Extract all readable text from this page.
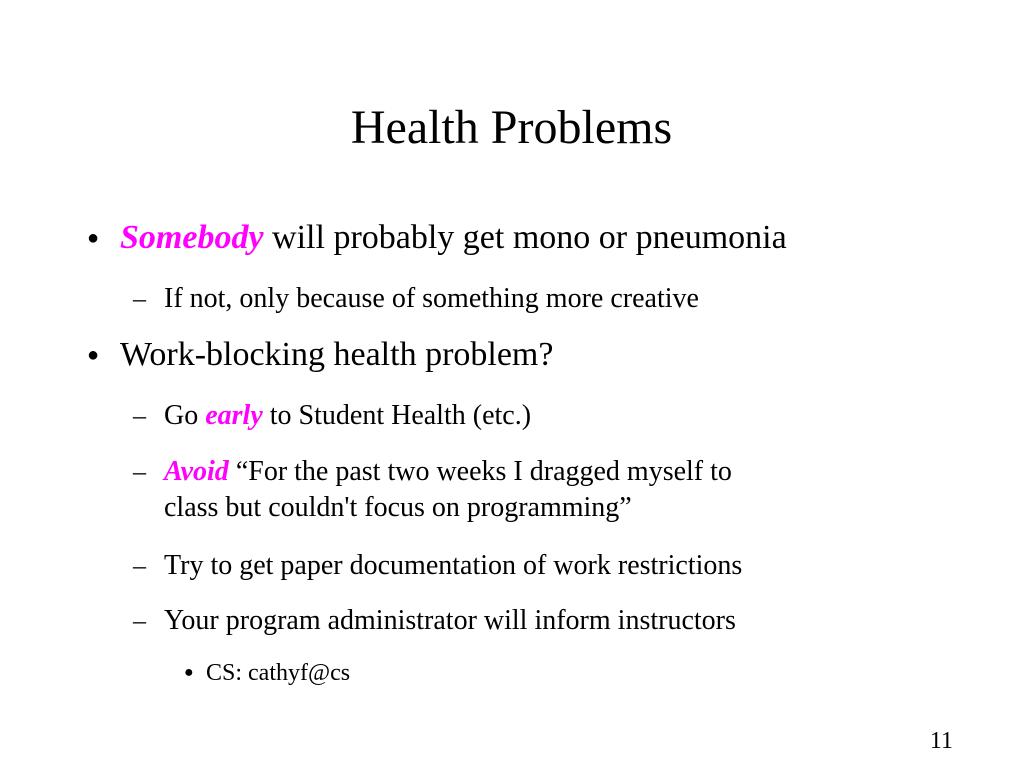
Health Problems
● Somebody will probably get mono or pneumonia
– If not, only because of something more creative
● Work-blocking health problem?
– Go early to Student Health (etc.)
– Avoid “For the past two weeks I dragged myself to
class but couldn't focus on programming”
– Try to get paper documentation of work restrictions
– Your program administrator will inform instructors
● CS: cathyf@cs
11
